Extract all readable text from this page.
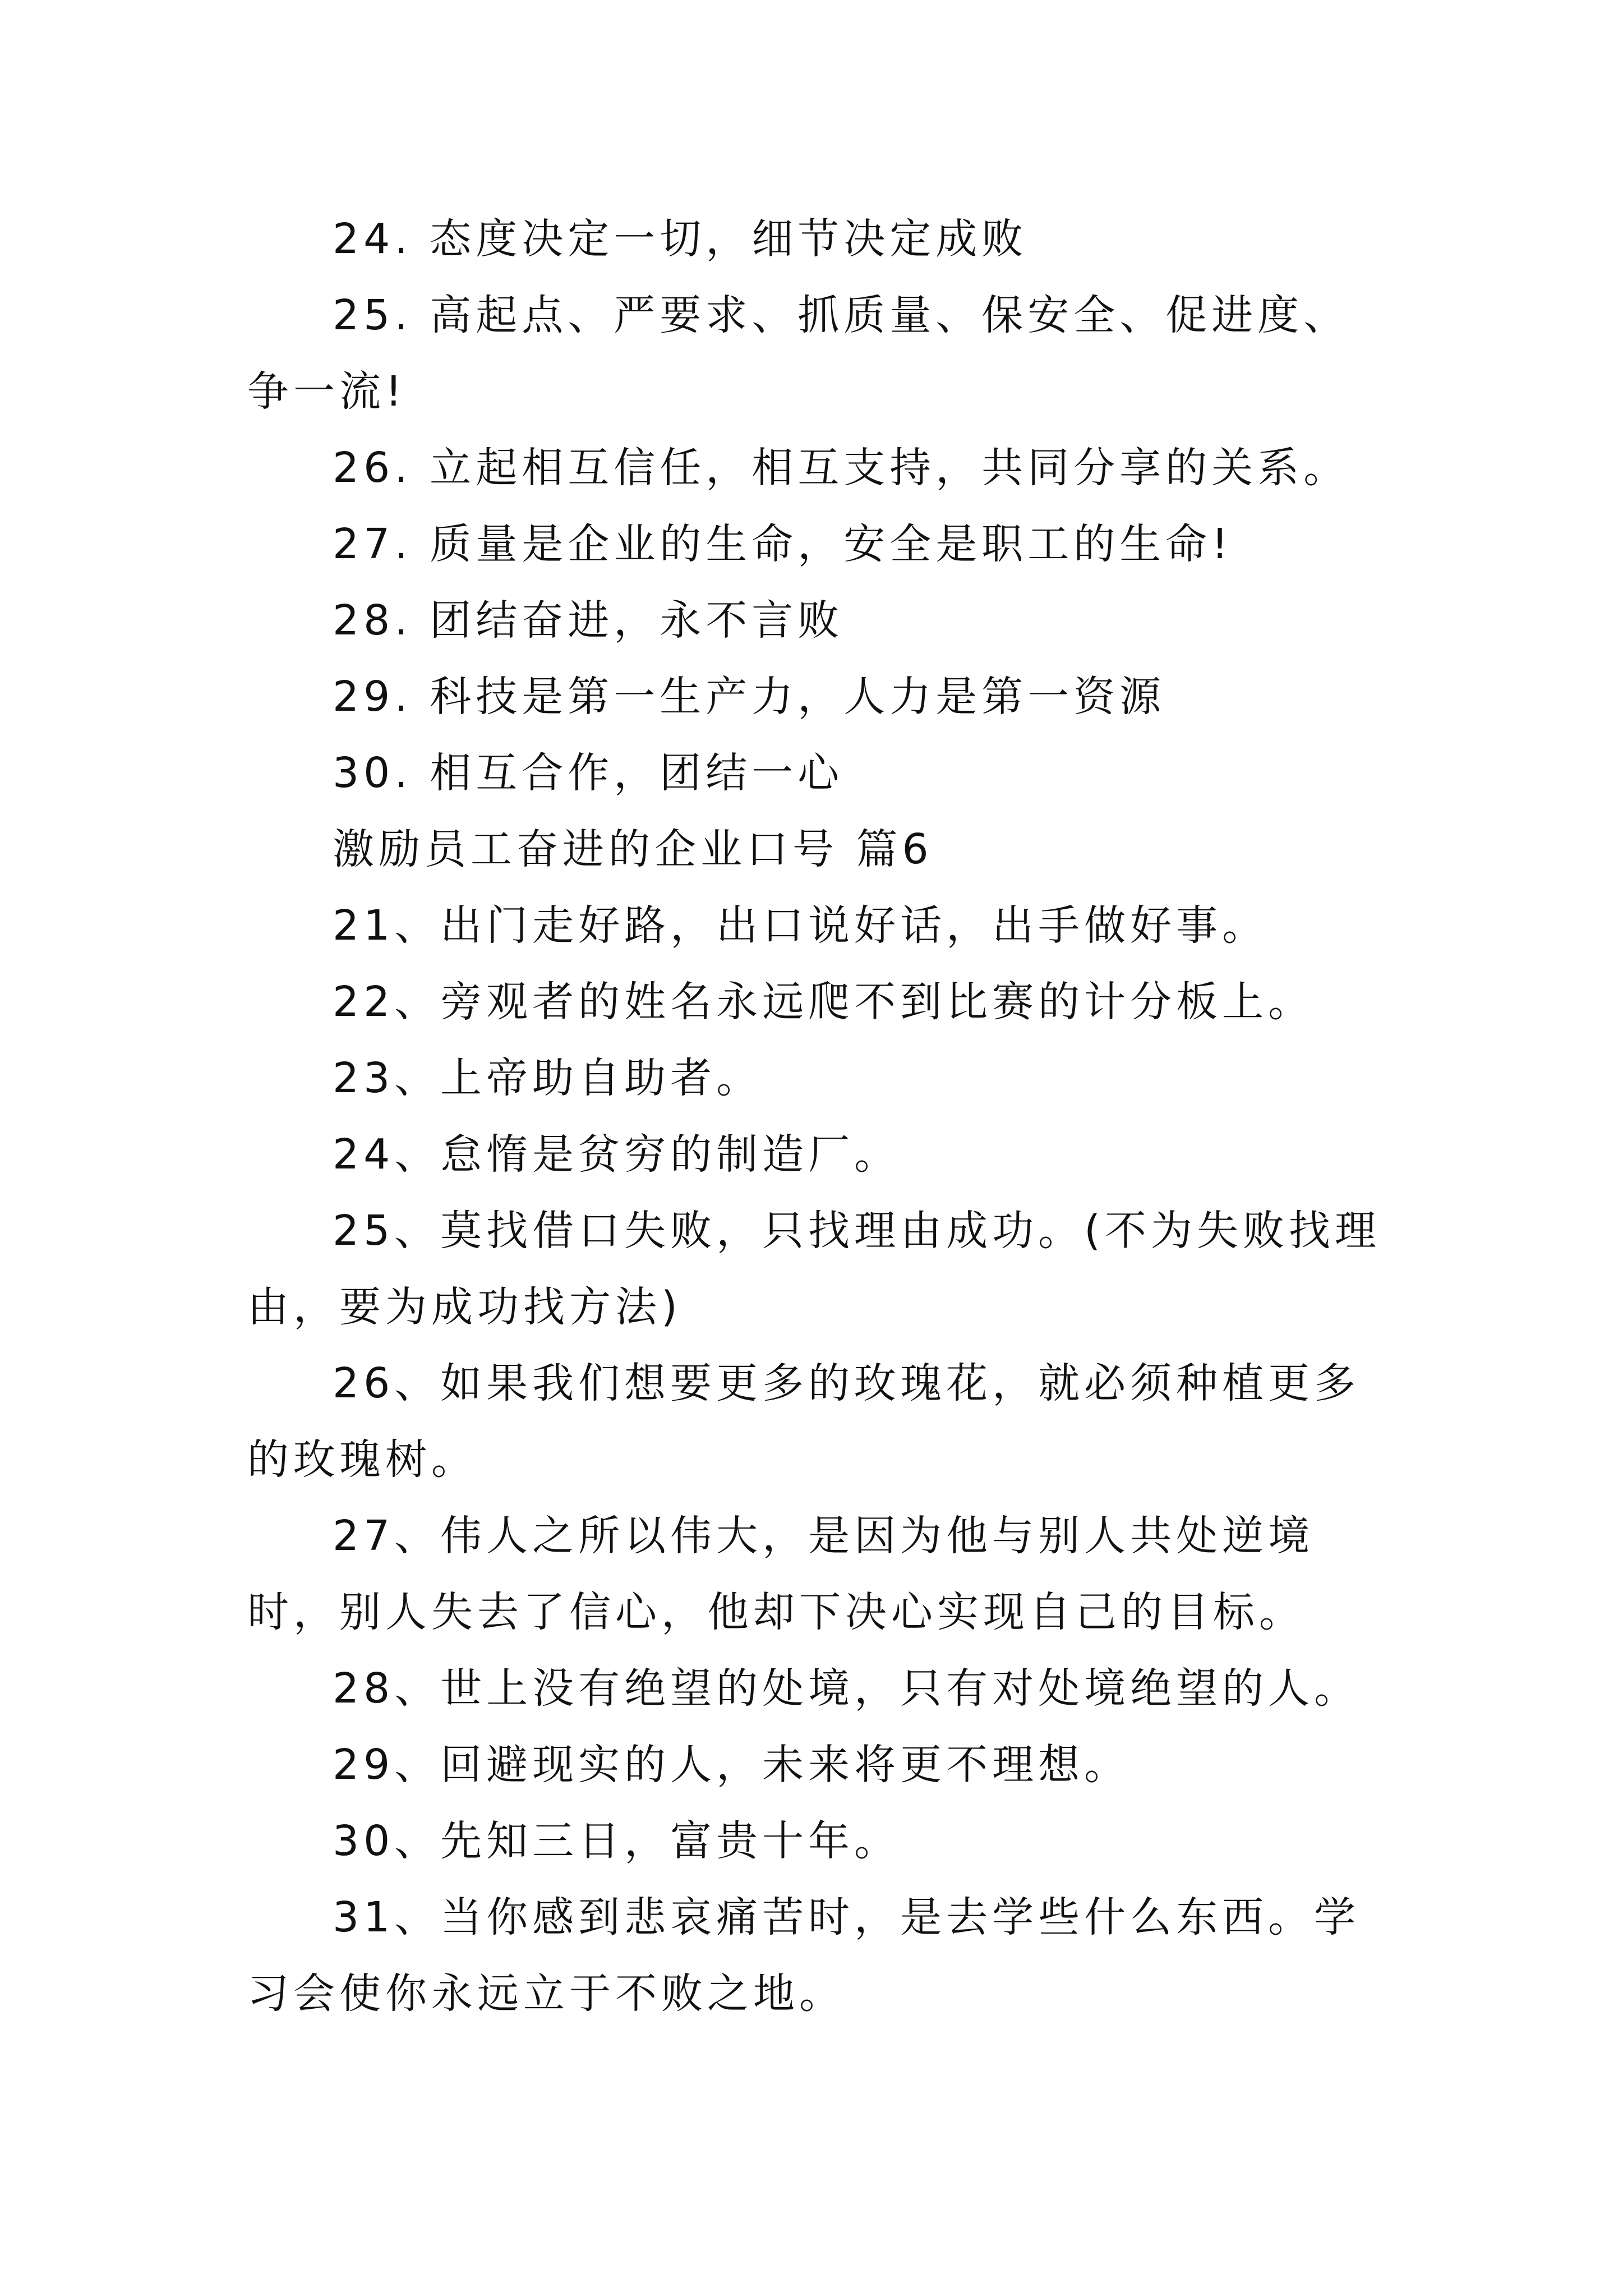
24. 态度决定一切，细节决定成败

25. 高起点、严要求、抓质量、保安全、促进度、争一流!

26. 立起相互信任，相互支持，共同分享的关系。

27. 质量是企业的生命，安全是职工的生命!

28. 团结奋进，永不言败

29. 科技是第一生产力，人力是第一资源

30. 相互合作，团结一心

激励员工奋进的企业口号 篇6

21、出门走好路，出口说好话，出手做好事。

22、旁观者的姓名永远爬不到比赛的计分板上。

23、上帝助自助者。

24、怠惰是贫穷的制造厂。

25、莫找借口失败，只找理由成功。(不为失败找理由，要为成功找方法)

26、如果我们想要更多的玫瑰花，就必须种植更多的玫瑰树。

27、伟人之所以伟大，是因为他与别人共处逆境时，别人失去了信心，他却下决心实现自己的目标。

28、世上没有绝望的处境，只有对处境绝望的人。

29、回避现实的人，未来将更不理想。

30、先知三日，富贵十年。

31、当你感到悲哀痛苦时，是去学些什么东西。学习会使你永远立于不败之地。
